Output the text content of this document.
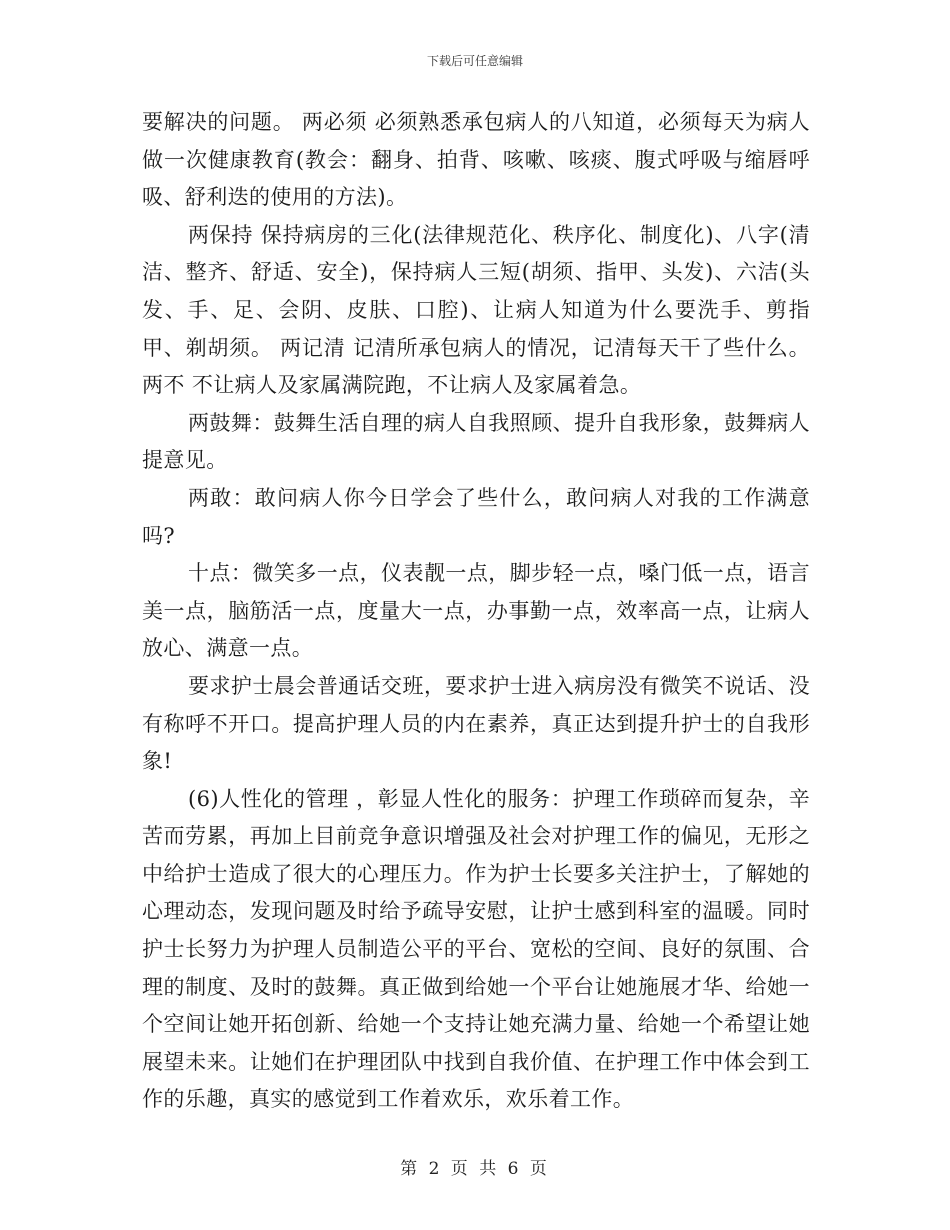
下载后可任意编辑

要解决的问题。 两必须 必须熟悉承包病人的八知道，必须每天为病人做一次健康教育(教会：翻身、拍背、咳嗽、咳痰、腹式呼吸与缩唇呼吸、舒利迭的使用的方法)。

两保持 保持病房的三化(法律规范化、秩序化、制度化)、八字(清洁、整齐、舒适、安全)，保持病人三短(胡须、指甲、头发)、六洁(头发、手、足、会阴、皮肤、口腔)、让病人知道为什么要洗手、剪指甲、剃胡须。 两记清 记清所承包病人的情况，记清每天干了些什么。 两不 不让病人及家属满院跑，不让病人及家属着急。

两鼓舞：鼓舞生活自理的病人自我照顾、提升自我形象，鼓舞病人提意见。

两敢：敢问病人你今日学会了些什么，敢问病人对我的工作满意吗?

十点：微笑多一点，仪表靓一点，脚步轻一点，嗓门低一点，语言美一点，脑筋活一点，度量大一点，办事勤一点，效率高一点，让病人放心、满意一点。

要求护士晨会普通话交班，要求护士进入病房没有微笑不说话、没有称呼不开口。提高护理人员的内在素养，真正达到提升护士的自我形象!

(6)人性化的管理 ，彰显人性化的服务：护理工作琐碎而复杂，辛苦而劳累，再加上目前竞争意识增强及社会对护理工作的偏见，无形之中给护士造成了很大的心理压力。作为护士长要多关注护士，了解她的心理动态，发现问题及时给予疏导安慰，让护士感到科室的温暖。同时护士长努力为护理人员制造公平的平台、宽松的空间、良好的氛围、合理的制度、及时的鼓舞。真正做到给她一个平台让她施展才华、给她一个空间让她开拓创新、给她一个支持让她充满力量、给她一个希望让她展望未来。让她们在护理团队中找到自我价值、在护理工作中体会到工作的乐趣，真实的感觉到工作着欢乐，欢乐着工作。

第 2 页 共 6 页
